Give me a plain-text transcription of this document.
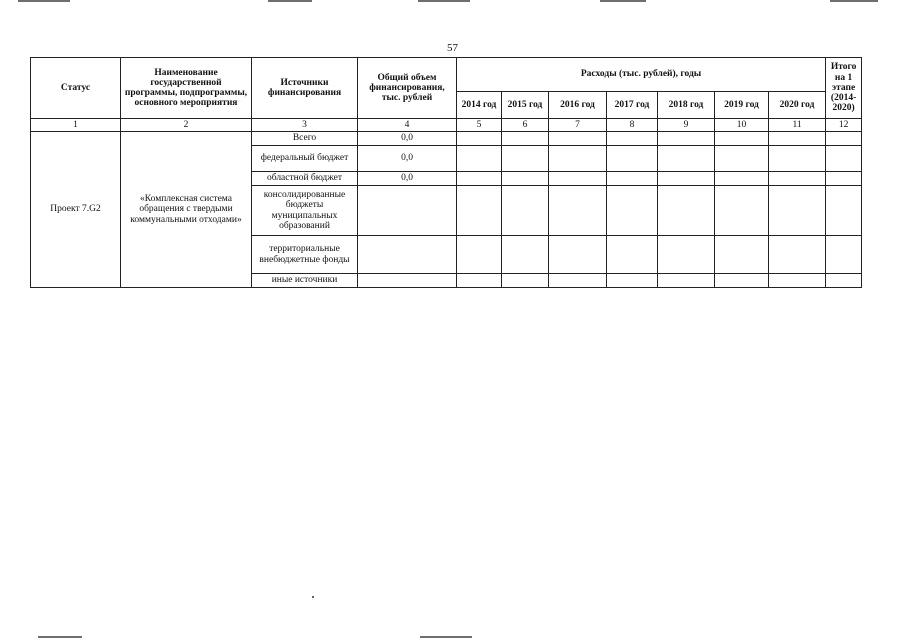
57
Статус	Наименование государственной программы, подпрограммы, основного мероприятия	Источники финансирования	Общий объем финансирования, тыс. рублей	Расходы (тыс. рублей), годы							Итого на 1 этапе (2014-2020)
				2014 год	2015 год	2016 год	2017 год	2018 год	2019 год	2020 год	
1	2	3	4	5	6	7	8	9	10	11	12
Проект 7.G2	«Комплексная система обращения с твердыми коммунальными отходами»	Всего	0,0								
		федеральный бюджет	0,0								
		областной бюджет	0,0								
		консолидированные бюджеты муниципальных образований									
		территориальные внебюджетные фонды									
		иные источники									
